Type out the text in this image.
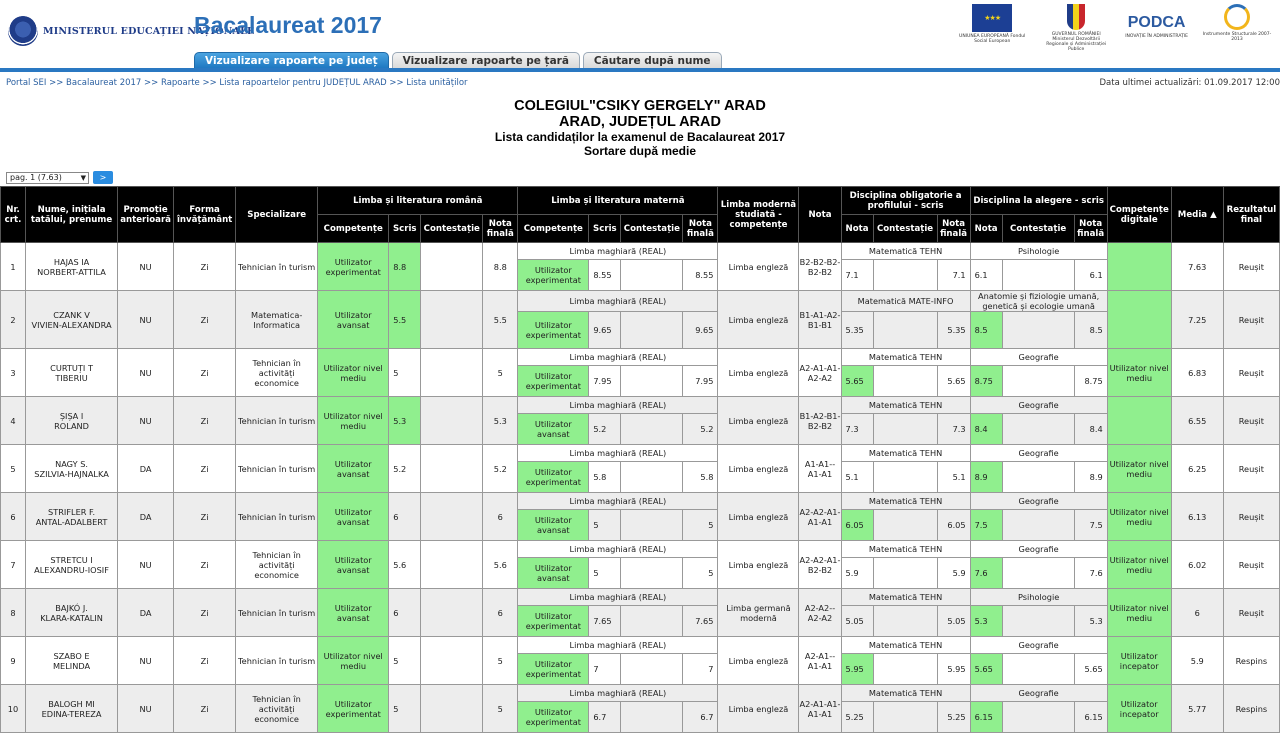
MINISTERUL EDUCAȚIEI NAȚIONALE
Bacalaureat 2017
Vizualizare rapoarte pe județ	Vizualizare rapoarte pe țară	Căutare după nume
★★★
UNIUNEA EUROPEANĂ Fondul Social European
GUVERNUL ROMÂNIEI Ministerul Dezvoltării Regionale și Administrației Publice
PODCA
INOVAȚIE ÎN ADMINISTRAȚIE	Instrumente Structurale 2007-2013
Portal SEI >> Bacalaureat 2017 >> Rapoarte >> Lista rapoartelor pentru JUDEȚUL ARAD >> Lista unităților	Data ultimei actualizări: 01.09.2017 12:00
COLEGIUL"CSIKY GERGELY" ARAD
ARAD, JUDEȚUL ARAD
Lista candidaților la examenul de Bacalaureat 2017
Sortare după medie
pag. 1 (7.63) ▼	>
Nr. crt.	Nume, inițiala tatălui, prenume	Promoție anterioară	Forma învățământ	Specializare	Limba și literatura română				Limba și literatura maternă				Limba modernă studiată - competențe	Nota	Disciplina obligatorie a profilului - scris			Disciplina la alegere - scris			Competențe digitale	Media ▲	Rezultatul final
					Competențe	Scris	Contestație	Nota finală	Competențe	Scris	Contestație	Nota finală			Nota	Contestație	Nota finală	Nota	Contestație	Nota finală			
1	HAJAS IA
NORBERT-ATTILA	NU	Zi	Tehnician în turism	Utilizator experimentat	8.8		8.8	Limba maghiară (REAL)				Limba engleză	B2-B2-B2-B2-B2	Matematică TEHN			Psihologie				7.63	Reușit
									Utilizator experimentat	8.55		8.55			7.1		7.1	6.1		6.1			
2	CZANK V
VIVIEN-ALEXANDRA	NU	Zi	Matematica-Informatica	Utilizator avansat	5.5		5.5	Limba maghiară (REAL)				Limba engleză	B1-A1-A2-B1-B1	Matematică MATE-INFO			Anatomie și fiziologie umană, genetică și ecologie umană				7.25	Reușit
									Utilizator experimentat	9.65		9.65			5.35		5.35	8.5		8.5			
3	CURTUȚI T
TIBERIU	NU	Zi	Tehnician în activități economice	Utilizator nivel mediu	5		5	Limba maghiară (REAL)				Limba engleză	A2-A1-A1-A2-A2	Matematică TEHN			Geografie			Utilizator nivel mediu	6.83	Reușit
									Utilizator experimentat	7.95		7.95			5.65		5.65	8.75		8.75			
4	ȘIȘA I
ROLAND	NU	Zi	Tehnician în turism	Utilizator nivel mediu	5.3		5.3	Limba maghiară (REAL)				Limba engleză	B1-A2-B1-B2-B2	Matematică TEHN			Geografie				6.55	Reușit
									Utilizator avansat	5.2		5.2			7.3		7.3	8.4		8.4			
5	NAGY S.
SZILVIA-HAJNALKA	DA	Zi	Tehnician în turism	Utilizator avansat	5.2		5.2	Limba maghiară (REAL)				Limba engleză	A1-A1--A1-A1	Matematică TEHN			Geografie			Utilizator nivel mediu	6.25	Reușit
									Utilizator experimentat	5.8		5.8			5.1		5.1	8.9		8.9			
6	STRIFLER F.
ANTAL-ADALBERT	DA	Zi	Tehnician în turism	Utilizator avansat	6		6	Limba maghiară (REAL)				Limba engleză	A2-A2-A1-A1-A1	Matematică TEHN			Geografie			Utilizator nivel mediu	6.13	Reușit
									Utilizator avansat	5		5			6.05		6.05	7.5		7.5			
7	STRETCU I
ALEXANDRU-IOSIF	NU	Zi	Tehnician în activități economice	Utilizator avansat	5.6		5.6	Limba maghiară (REAL)				Limba engleză	A2-A2-A1-B2-B2	Matematică TEHN			Geografie			Utilizator nivel mediu	6.02	Reușit
									Utilizator avansat	5		5			5.9		5.9	7.6		7.6			
8	BAJKÓ J.
KLARA-KATALIN	DA	Zi	Tehnician în turism	Utilizator avansat	6		6	Limba maghiară (REAL)				Limba germană modernă	A2-A2--A2-A2	Matematică TEHN			Psihologie			Utilizator nivel mediu	6	Reușit
									Utilizator experimentat	7.65		7.65			5.05		5.05	5.3		5.3			
9	SZABO E
MELINDA	NU	Zi	Tehnician în turism	Utilizator nivel mediu	5		5	Limba maghiară (REAL)				Limba engleză	A2-A1--A1-A1	Matematică TEHN			Geografie			Utilizator incepator	5.9	Respins
									Utilizator experimentat	7		7			5.95		5.95	5.65		5.65			
10	BALOGH MI
EDINA-TEREZA	NU	Zi	Tehnician în activități economice	Utilizator experimentat	5		5	Limba maghiară (REAL)				Limba engleză	A2-A1-A1-A1-A1	Matematică TEHN			Geografie			Utilizator incepator	5.77	Respins
									Utilizator experimentat	6.7		6.7			5.25		5.25	6.15		6.15			
